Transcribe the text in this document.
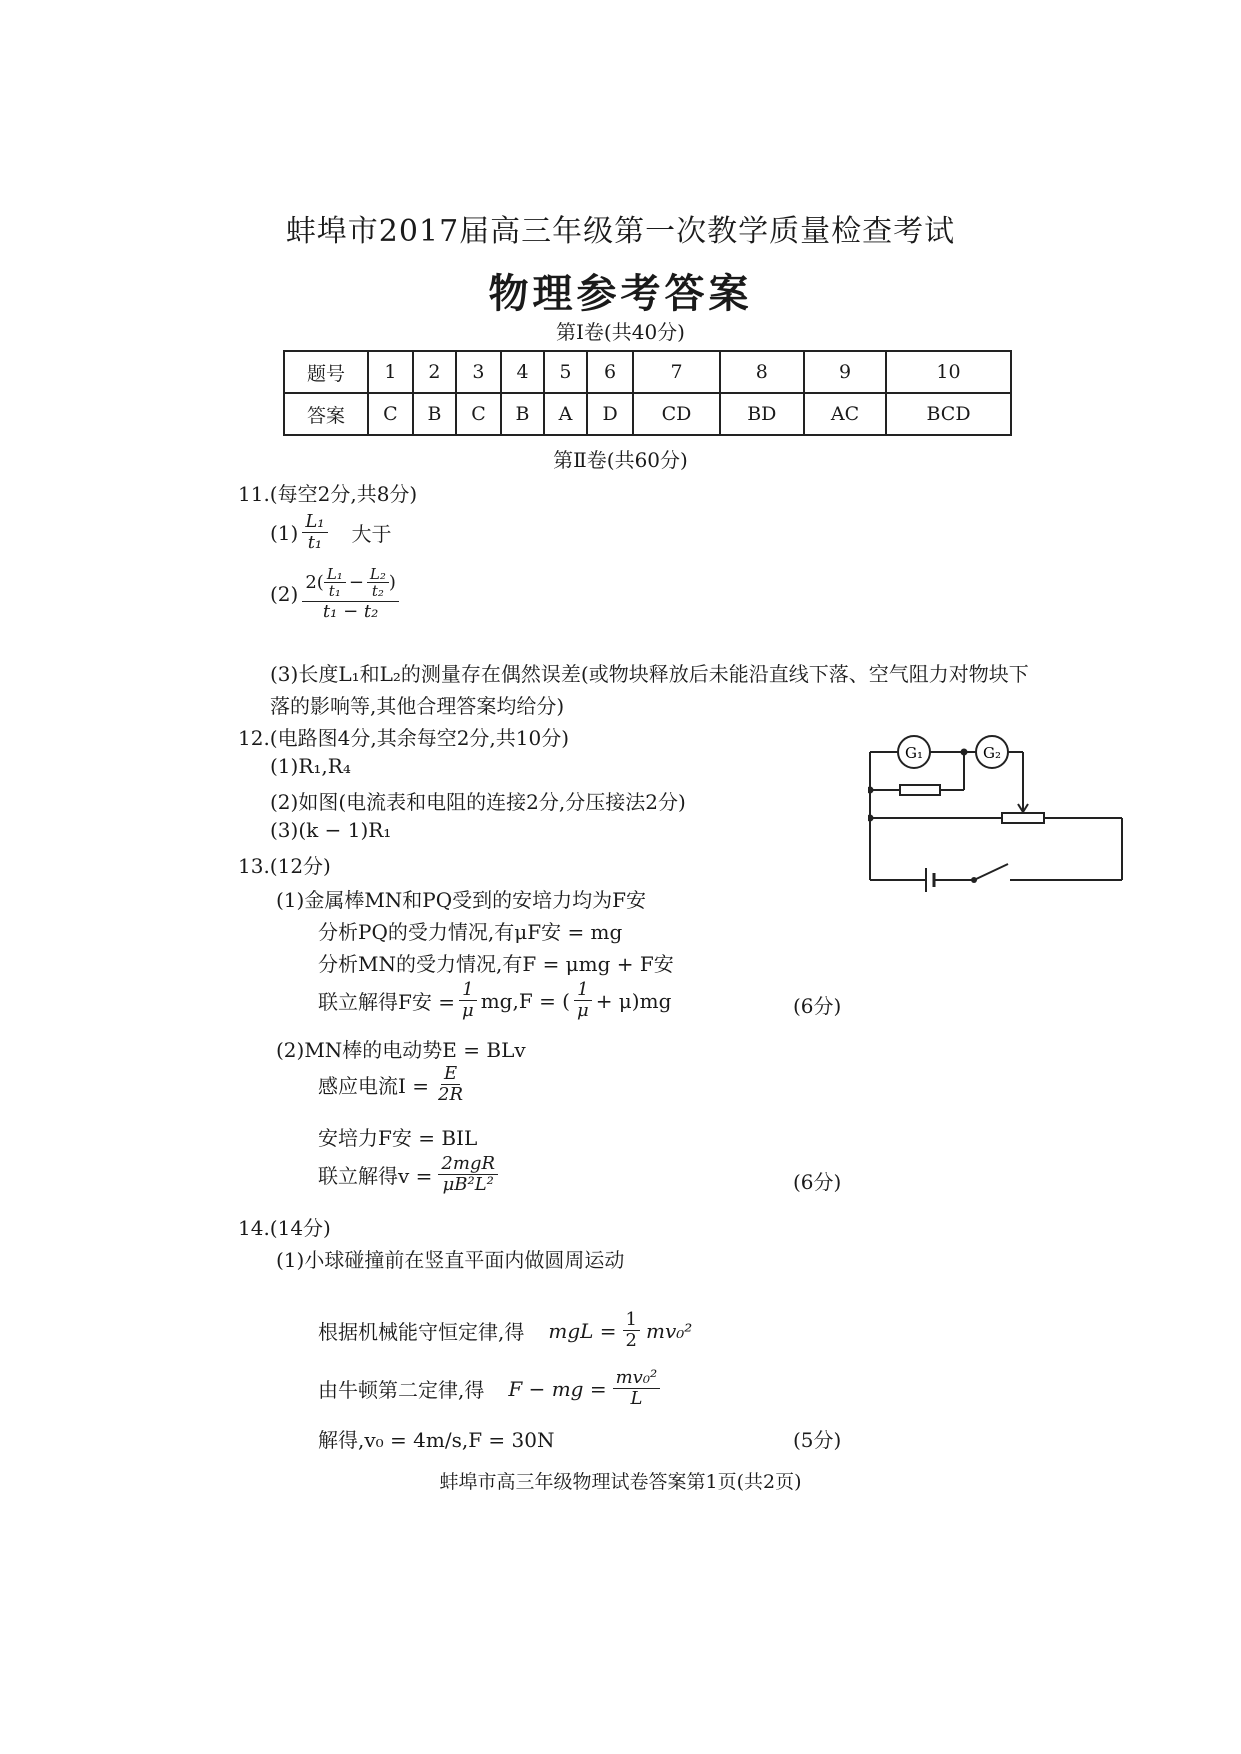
蚌埠市2017届高三年级第一次教学质量检查考试
物理参考答案
第Ⅰ卷(共40分)
题号	1	2	3	4	5	6	7	8	9	10
答案	C	B	C	B	A	D	CD	BD	AC	BCD
第Ⅱ卷(共60分)
11.(每空2分,共8分)
$(1) \frac{\text{L₁}}{\text{t₁}}$ 大于
(2) $2( \frac{\text{L₁}}{\text{t₁}} - \frac{\text{L₂}}{\text{t₂}}$ )
t₁ − t₂
(3)长度L₁和L₂的测量存在偶然误差(或物块释放后未能沿直线下落、空气阻力对物块下
落的影响等,其他合理答案均给分)
12.(电路图4分,其余每空2分,共10分)
(1)R₁,R₄
(2)如图(电流表和电阻的连接2分,分压接法2分)
(3)(k − 1)R₁
G₁	G₂
13.(12分)
(1)金属棒MN和PQ受到的安培力均为F安
分析PQ的受力情况,有μF安 = mg
分析MN的受力情况,有F = μmg + F安
联立解得F安 = $\frac{1}{\mu} mg,F$ = ( $\frac{1}{\mu} + \mu)mg$	(6分)
(2)MN棒的电动势E = BLv
感应电流$I = \frac{E}{2R}$
安培力F安 = BIL
联立解得$v = \frac{\text{2mgR}}{\text{μB²L²}}$	(6分)
14.(14分)
(1)小球碰撞前在竖直平面内做圆周运动
根据机械能守恒定律,得 mgL = $\frac{1}{2} mv_0^2$
由牛顿第二定律,得 F − mg = $\frac{\text{mv₀²}}{L}$
解得,v₀ = 4m/s,F = 30N	(5分)
蚌埠市高三年级物理试卷答案第1页(共2页)
